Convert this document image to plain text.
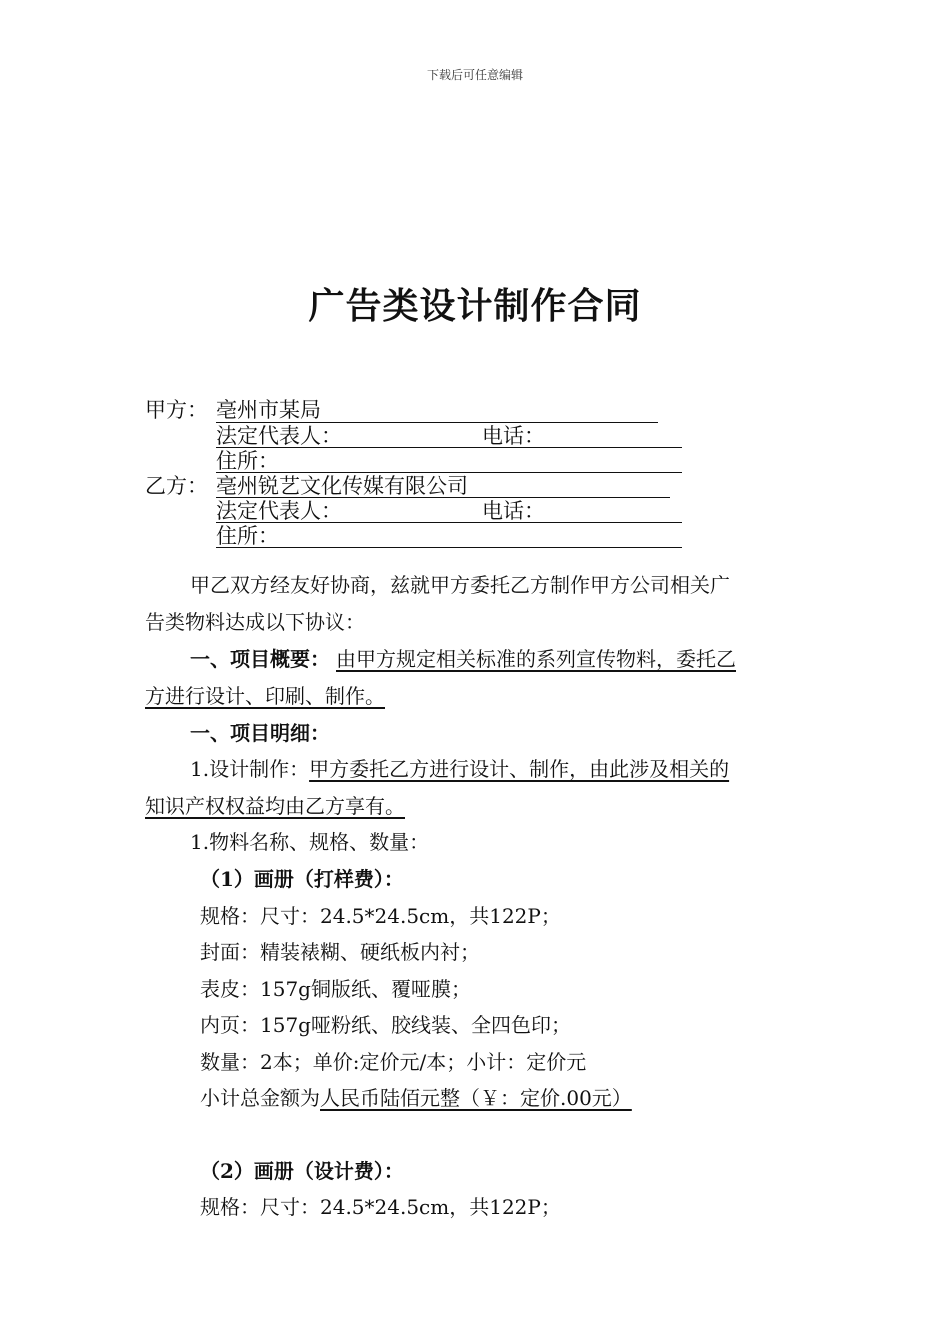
下载后可任意编辑
广告类设计制作合同
甲方： 亳州市某局
法定代表人：	电话：
住所：
乙方： 亳州锐艺文化传媒有限公司
法定代表人：	电话：
住所：
甲乙双方经友好协商，兹就甲方委托乙方制作甲方公司相关广
告类物料达成以下协议：
一、项目概要： 由甲方规定相关标准的系列宣传物料，委托乙
方进行设计、印刷、制作。
一、项目明细：
1.设计制作：甲方委托乙方进行设计、制作，由此涉及相关的
知识产权权益均由乙方享有。
1.物料名称、规格、数量：
（1）画册（打样费）：
规格：尺寸：24.5*24.5cm，共122P；
封面：精装裱糊、硬纸板内衬；
表皮：157g铜版纸、覆哑膜；
内页：157g哑粉纸、胶线装、全四色印；
数量：2本；单价:定价元/本；小计：定价元
小计总金额为人民币陆佰元整（￥：定价.00元）
（2）画册（设计费）：
规格：尺寸：24.5*24.5cm，共122P；
